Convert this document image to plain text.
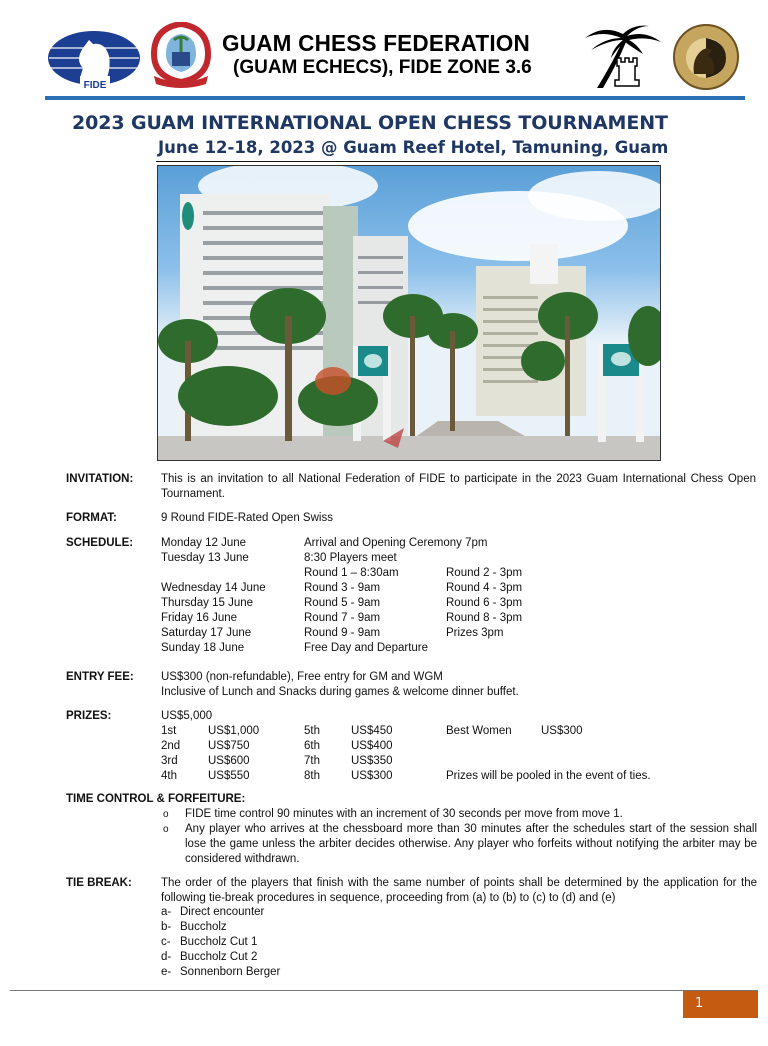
FIDE
GUAM CHESS FEDERATION
(GUAM ECHECS), FIDE ZONE 3.6
2023 GUAM INTERNATIONAL OPEN CHESS TOURNAMENT
June 12-18, 2023 @ Guam Reef Hotel, Tamuning, Guam
INVITATION: This is an invitation to all National Federation of FIDE to participate in the 2023 Guam International Chess Open Tournament.
FORMAT:	9 Round FIDE-Rated Open Swiss
SCHEDULE: Monday 12 June	Arrival and Opening Ceremony 7pm
Tuesday 13 June	8:30 Players meet
Round 1 – 8:30am	Round 2 - 3pm
Wednesday 14 June	Round 3 - 9am	Round 4 - 3pm
Thursday 15 June	Round 5 - 9am	Round 6 - 3pm
Friday 16 June	Round 7 - 9am	Round 8 - 3pm
Saturday 17 June	Round 9 - 9am	Prizes 3pm
Sunday 18 June	Free Day and Departure
ENTRY FEE: US$300 (non-refundable), Free entry for GM and WGM
Inclusive of Lunch and Snacks during games & welcome dinner buffet.
PRIZES:	US$5,000
1st	US$1,000	5th	US$450	Best Women	US$300
2nd US$750	6th	US$400
3rd	US$600	7th	US$350
4th	US$550	8th	US$300	Prizes will be pooled in the event of ties.
TIME CONTROL & FORFEITURE:
o FIDE time control 90 minutes with an increment of 30 seconds per move from move 1.
o Any player who arrives at the chessboard more than 30 minutes after the schedules start of the session shall lose the game unless the arbiter decides otherwise. Any player who forfeits without notifying the arbiter may be considered withdrawn.
TIE BREAK:	The order of the players that finish with the same number of points shall be determined by the application for the following tie-break procedures in sequence, proceeding from (a) to (b) to (c) to (d) and (e)
a- Direct encounter
b- Buccholz
c- Buccholz Cut 1
d- Buccholz Cut 2
e- Sonnenborn Berger
1
